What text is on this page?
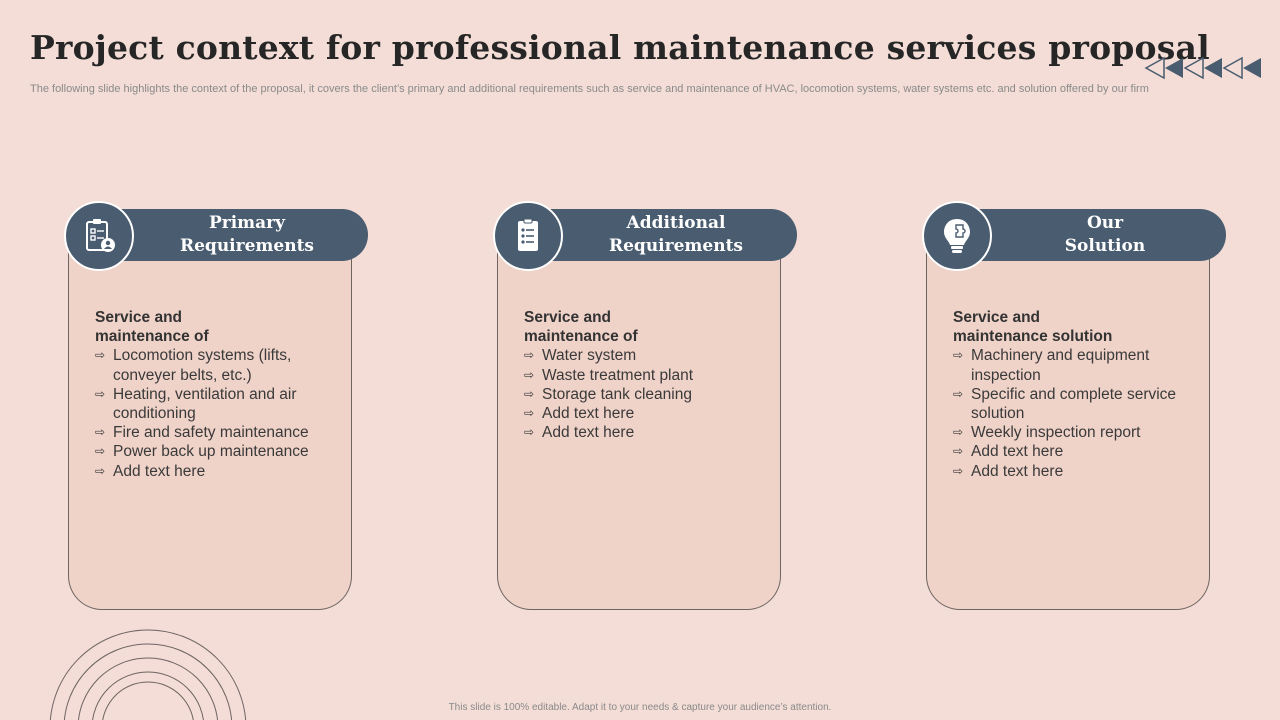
Project context for professional maintenance services proposal
The following slide highlights the context of the proposal, it covers the client’s primary and additional requirements such as service and maintenance of HVAC, locomotion systems, water systems etc. and solution offered by our firm
Primary
Requirements
Service and
maintenance of
⇨ Locomotion systems (lifts, conveyer belts, etc.)
⇨ Heating, ventilation and air conditioning
⇨ Fire and safety maintenance
⇨ Power back up maintenance
⇨ Add text here
Additional
Requirements
Service and
maintenance of
⇨ Water system
⇨ Waste treatment plant
⇨ Storage tank cleaning
⇨ Add text here
⇨ Add text here
Our
Solution
Service and
maintenance solution
⇨ Machinery and equipment inspection
⇨ Specific and complete service solution
⇨ Weekly inspection report
⇨ Add text here
⇨ Add text here
This slide is 100% editable. Adapt it to your needs & capture your audience’s attention.
